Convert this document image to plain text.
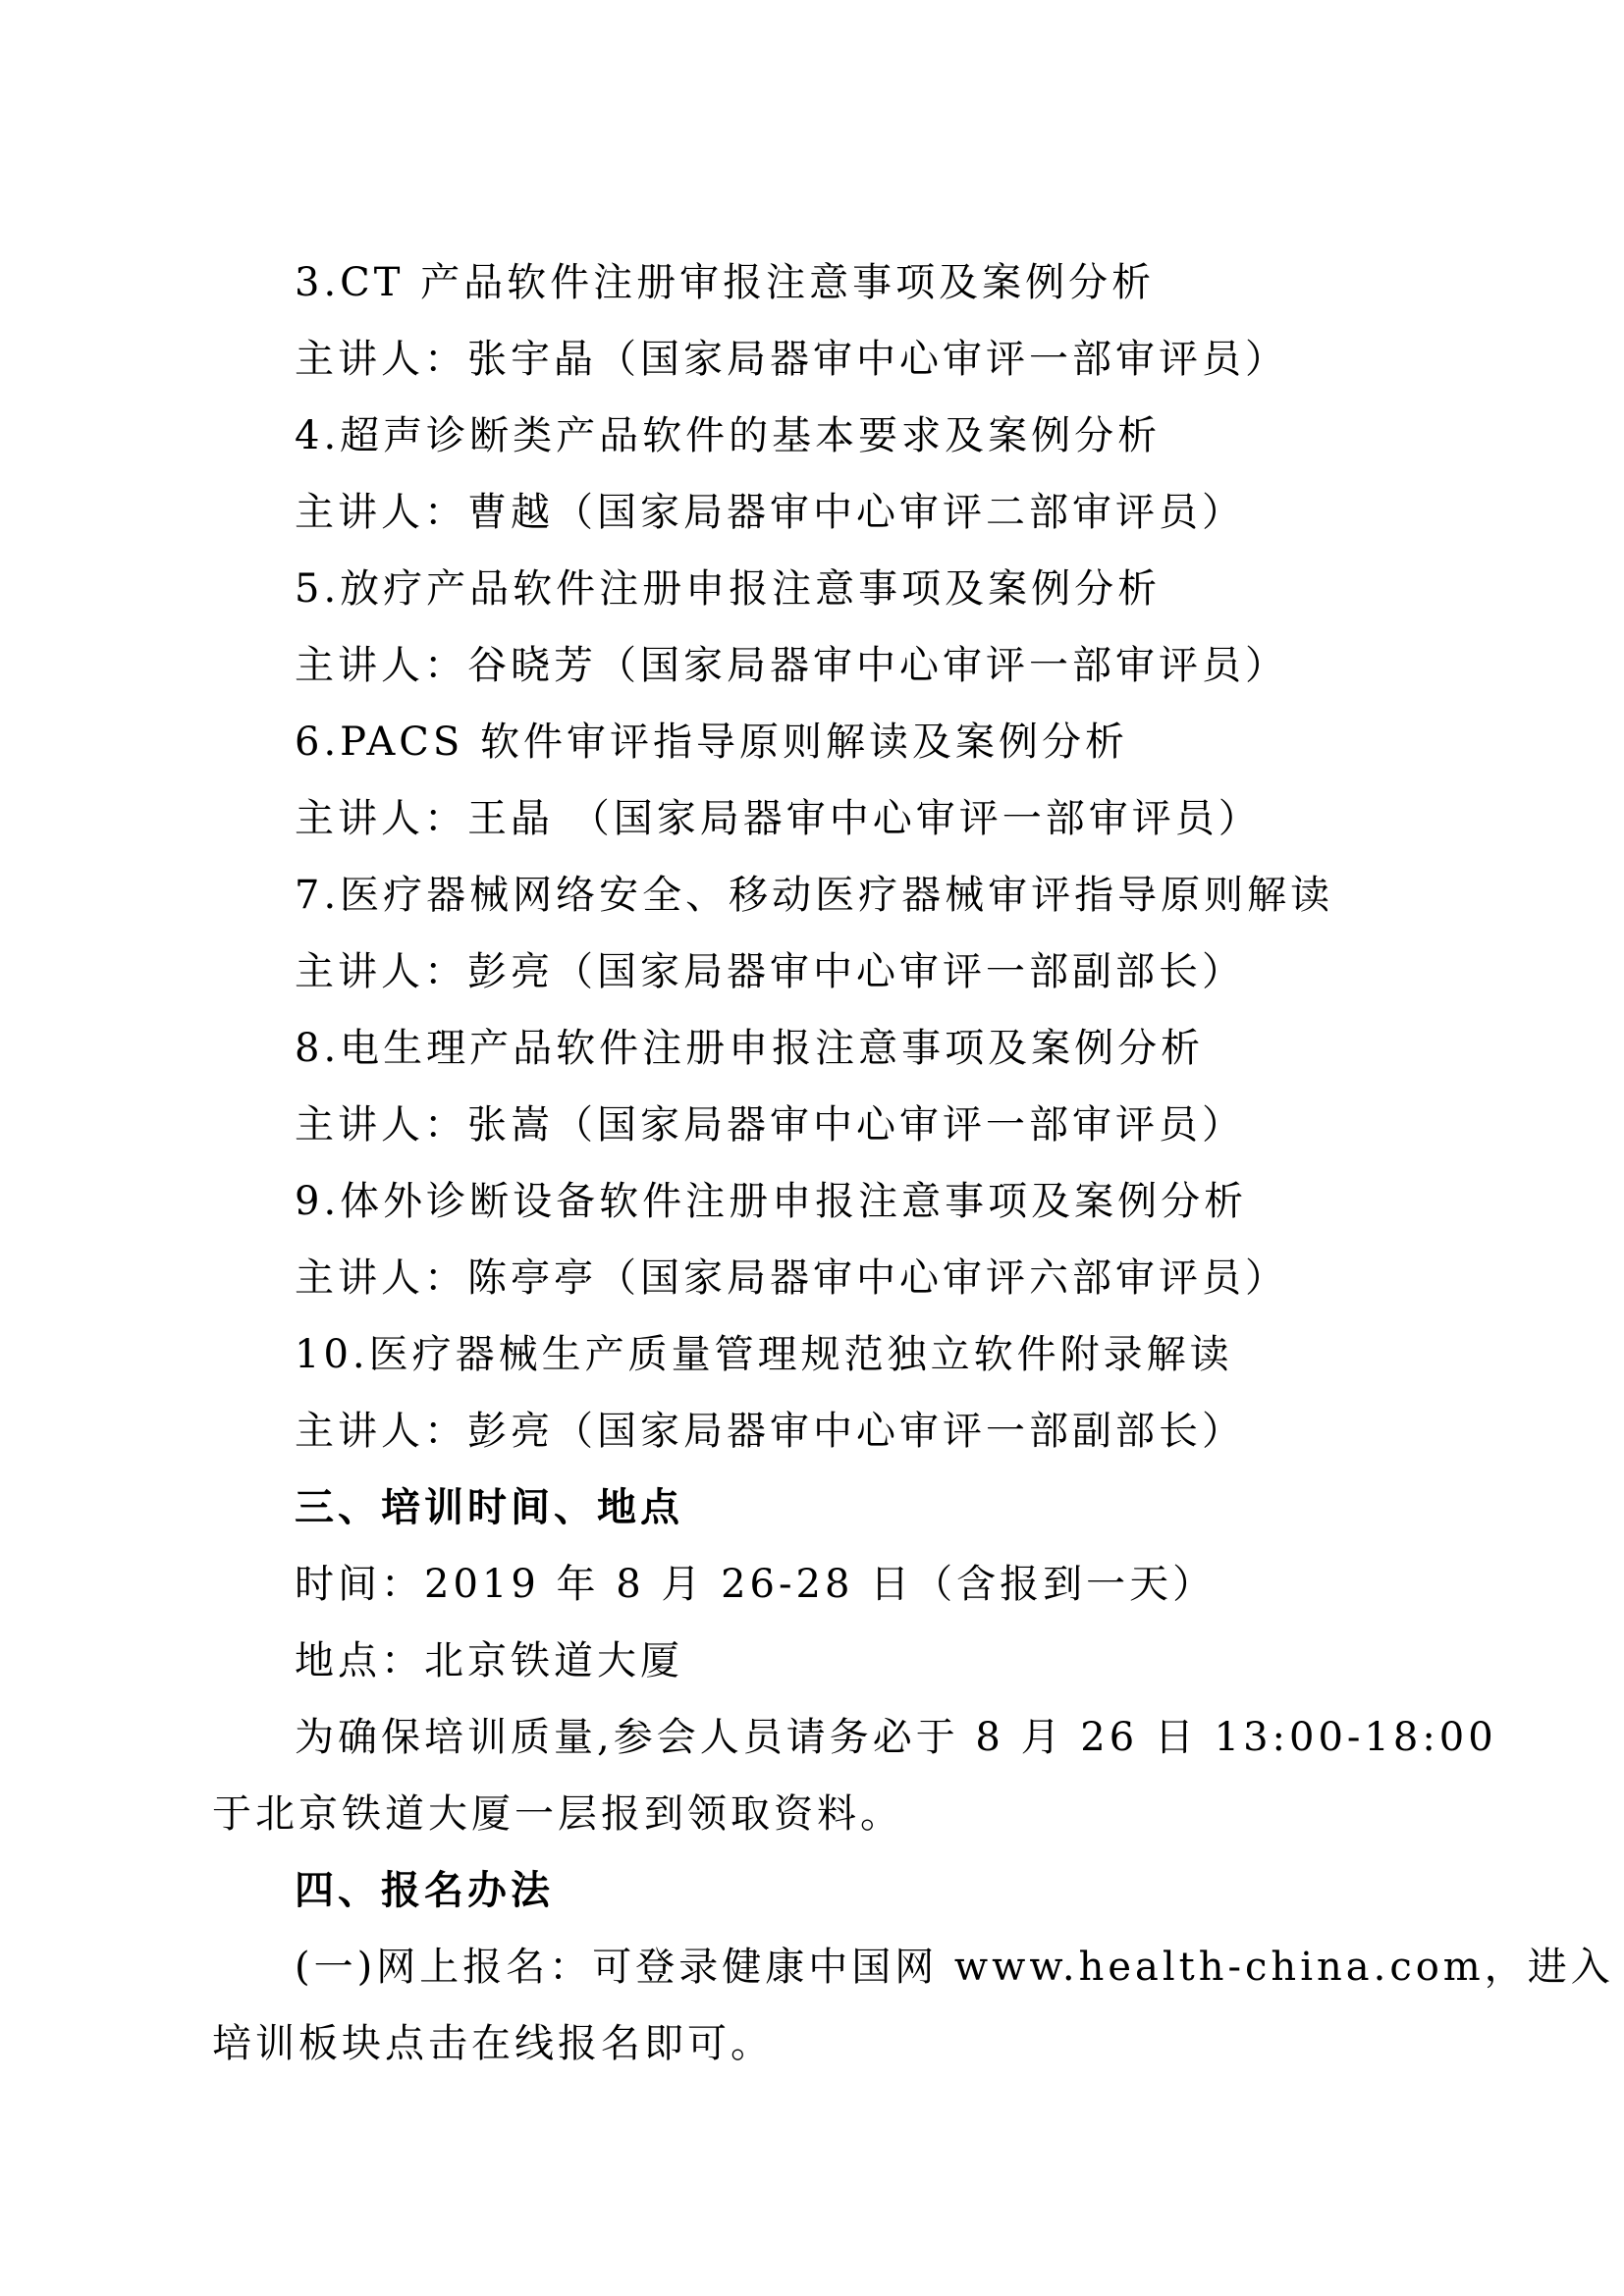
3.CT 产品软件注册审报注意事项及案例分析
主讲人：张宇晶（国家局器审中心审评一部审评员）
4.超声诊断类产品软件的基本要求及案例分析
主讲人：曹越（国家局器审中心审评二部审评员）
5.放疗产品软件注册申报注意事项及案例分析
主讲人：谷晓芳（国家局器审中心审评一部审评员）
6.PACS 软件审评指导原则解读及案例分析
主讲人：王晶 （国家局器审中心审评一部审评员）
7.医疗器械网络安全、移动医疗器械审评指导原则解读
主讲人：彭亮（国家局器审中心审评一部副部长）
8.电生理产品软件注册申报注意事项及案例分析
主讲人：张嵩（国家局器审中心审评一部审评员）
9.体外诊断设备软件注册申报注意事项及案例分析
主讲人：陈亭亭（国家局器审中心审评六部审评员）
10.医疗器械生产质量管理规范独立软件附录解读
主讲人：彭亮（国家局器审中心审评一部副部长）
三、培训时间、地点
时间：2019 年 8 月 26-28 日（含报到一天）
地点：北京铁道大厦
为确保培训质量,参会人员请务必于 8 月 26 日 13:00-18:00
于北京铁道大厦一层报到领取资料。
四、报名办法
(一)网上报名：可登录健康中国网 www.health-china.com，进入
培训板块点击在线报名即可。
